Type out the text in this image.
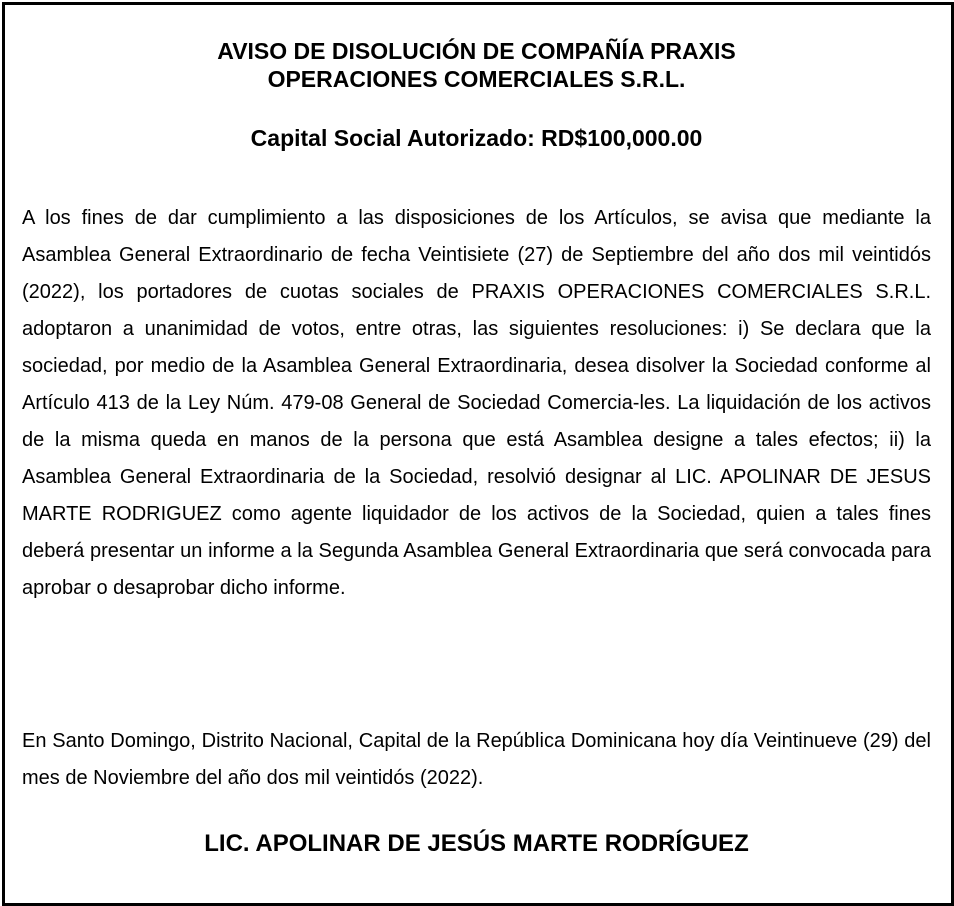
AVISO DE DISOLUCIÓN DE COMPAÑÍA PRAXIS
OPERACIONES COMERCIALES S.R.L.

Capital Social Autorizado: RD$100,000.00

A los fines de dar cumplimiento a las disposiciones de los Artículos, se avisa que mediante la Asamblea General Extraordinario de fecha Veintisiete (27) de Septiembre del año dos mil veintidós (2022), los portadores de cuotas sociales de PRAXIS OPERACIONES COMERCIALES S.R.L. adoptaron a unanimidad de votos, entre otras, las siguientes resoluciones: i) Se declara que la sociedad, por medio de la Asamblea General Extraordinaria, desea disolver la Sociedad conforme al Artículo 413 de la Ley Núm. 479-08 General de Sociedad Comercia-les. La liquidación de los activos de la misma queda en manos de la persona que está Asamblea designe a tales efectos; ii) la Asamblea General Extraordinaria de la Sociedad, resolvió designar al LIC. APOLINAR DE JESUS MARTE RODRIGUEZ como agente liquidador de los activos de la Sociedad, quien a tales fines deberá presentar un informe a la Segunda Asamblea General Extraordinaria que será convocada para aprobar o desaprobar dicho informe.

En Santo Domingo, Distrito Nacional, Capital de la República Dominicana hoy día Veintinueve (29) del mes de Noviembre del año dos mil veintidós (2022).

LIC. APOLINAR DE JESÚS MARTE RODRÍGUEZ
